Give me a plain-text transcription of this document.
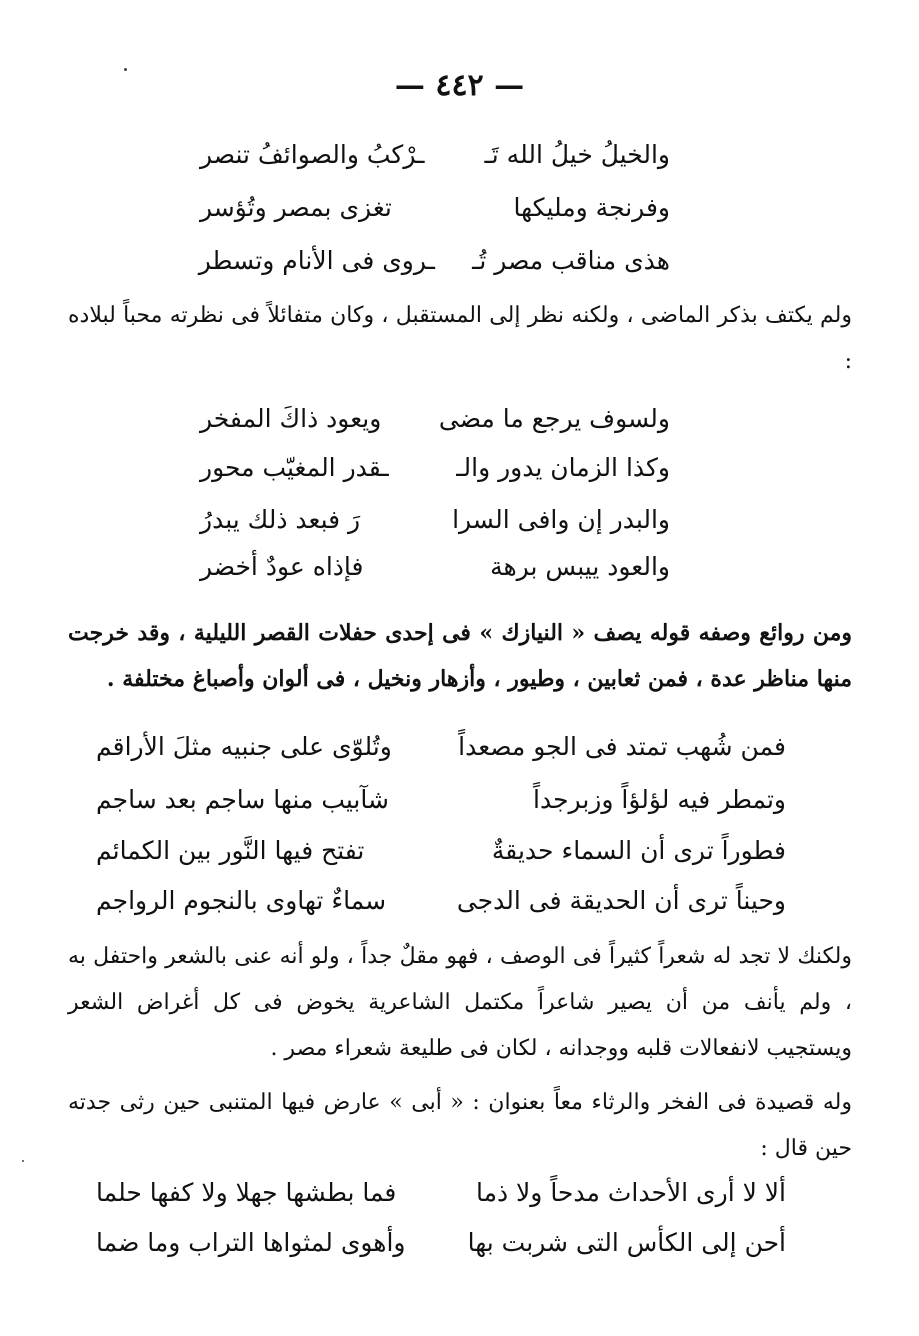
— ٤٤٢ —
والخيلُ خيلُ الله تَـ
ـرْكبُ والصوائفُ تنصر
وفرنجة ومليكها
تغزى بمصر وتُؤسر
هذى مناقب مصر تُـ
ـروى فى الأنام وتسطر

ولم يكتف بذكر الماضى ، ولكنه نظر إلى المستقبل ، وكان متفائلاً فى نظرته محباً لبلاده :

ولسوف يرجع ما مضى
ويعود ذاكَ المفخر
وكذا الزمان يدور والـ
ـقدر المغيّب محور
والبدر إن وافى السرا
رَ فبعد ذلك يبدرُ
والعود ييبس برهة
فإذاه عودٌ أخضر

ومن روائع وصفه قوله يصف « النيازك » فى إحدى حفلات القصر الليلية ، وقد خرجت منها مناظر عدة ، فمن ثعابين ، وطيور ، وأزهار ونخيل ، فى ألوان وأصباغ مختلفة .

فمن شُهب تمتد فى الجو مصعداً
وتُلوّى على جنبيه مثلَ الأراقم
وتمطر فيه لؤلؤاً وزبرجداً
شآبيب منها ساجم بعد ساجم
فطوراً ترى أن السماء حديقةٌ
تفتح فيها النَّور بين الكمائم
وحيناً ترى أن الحديقة فى الدجى
سماءٌ تهاوى بالنجوم الرواجم

ولكنك لا تجد له شعراً كثيراً فى الوصف ، فهو مقلٌ جداً ، ولو أنه عنى بالشعر واحتفل به ، ولم يأنف من أن يصير شاعراً مكتمل الشاعرية يخوض فى كل أغراض الشعر ويستجيب لانفعالات قلبه ووجدانه ، لكان فى طليعة شعراء مصر .

وله قصيدة فى الفخر والرثاء معاً بعنوان : « أبى » عارض فيها المتنبى حين رثى جدته حين قال :

ألا لا أرى الأحداث مدحاً ولا ذما
فما بطشها جهلا ولا كفها حلما
أحن إلى الكأس التى شربت بها
وأهوى لمثواها التراب وما ضما
